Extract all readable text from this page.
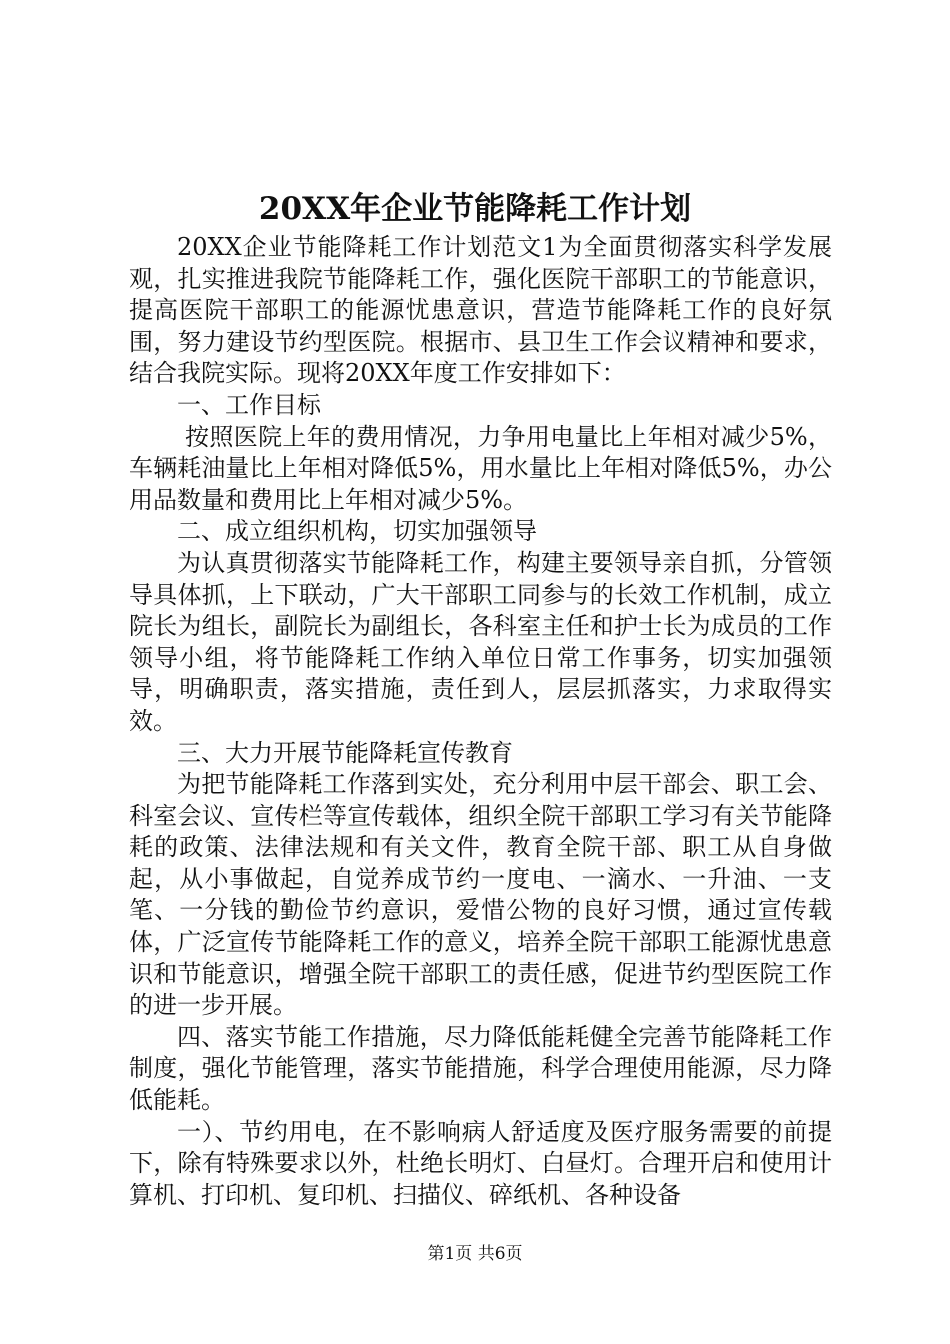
20XX年企业节能降耗工作计划

20XX企业节能降耗工作计划范文1为全面贯彻落实科学发展观，扎实推进我院节能降耗工作，强化医院干部职工的节能意识，提高医院干部职工的能源忧患意识，营造节能降耗工作的良好氛围，努力建设节约型医院。根据市、县卫生工作会议精神和要求，结合我院实际。现将20XX年度工作安排如下：

一、工作目标

按照医院上年的费用情况，力争用电量比上年相对减少5%，车辆耗油量比上年相对降低5%，用水量比上年相对降低5%，办公用品数量和费用比上年相对减少5%。

二、成立组织机构，切实加强领导

为认真贯彻落实节能降耗工作，构建主要领导亲自抓，分管领导具体抓，上下联动，广大干部职工同参与的长效工作机制，成立院长为组长，副院长为副组长，各科室主任和护士长为成员的工作领导小组，将节能降耗工作纳入单位日常工作事务，切实加强领导，明确职责，落实措施，责任到人，层层抓落实，力求取得实效。

三、大力开展节能降耗宣传教育

为把节能降耗工作落到实处，充分利用中层干部会、职工会、科室会议、宣传栏等宣传载体，组织全院干部职工学习有关节能降耗的政策、法律法规和有关文件，教育全院干部、职工从自身做起，从小事做起，自觉养成节约一度电、一滴水、一升油、一支笔、一分钱的勤俭节约意识，爱惜公物的良好习惯，通过宣传载体，广泛宣传节能降耗工作的意义，培养全院干部职工能源忧患意识和节能意识，增强全院干部职工的责任感，促进节约型医院工作的进一步开展。

四、落实节能工作措施，尽力降低能耗健全完善节能降耗工作制度，强化节能管理，落实节能措施，科学合理使用能源，尽力降低能耗。

一）、节约用电，在不影响病人舒适度及医疗服务需要的前提下，除有特殊要求以外，杜绝长明灯、白昼灯。合理开启和使用计算机、打印机、复印机、扫描仪、碎纸机、各种设备

第1页 共6页
